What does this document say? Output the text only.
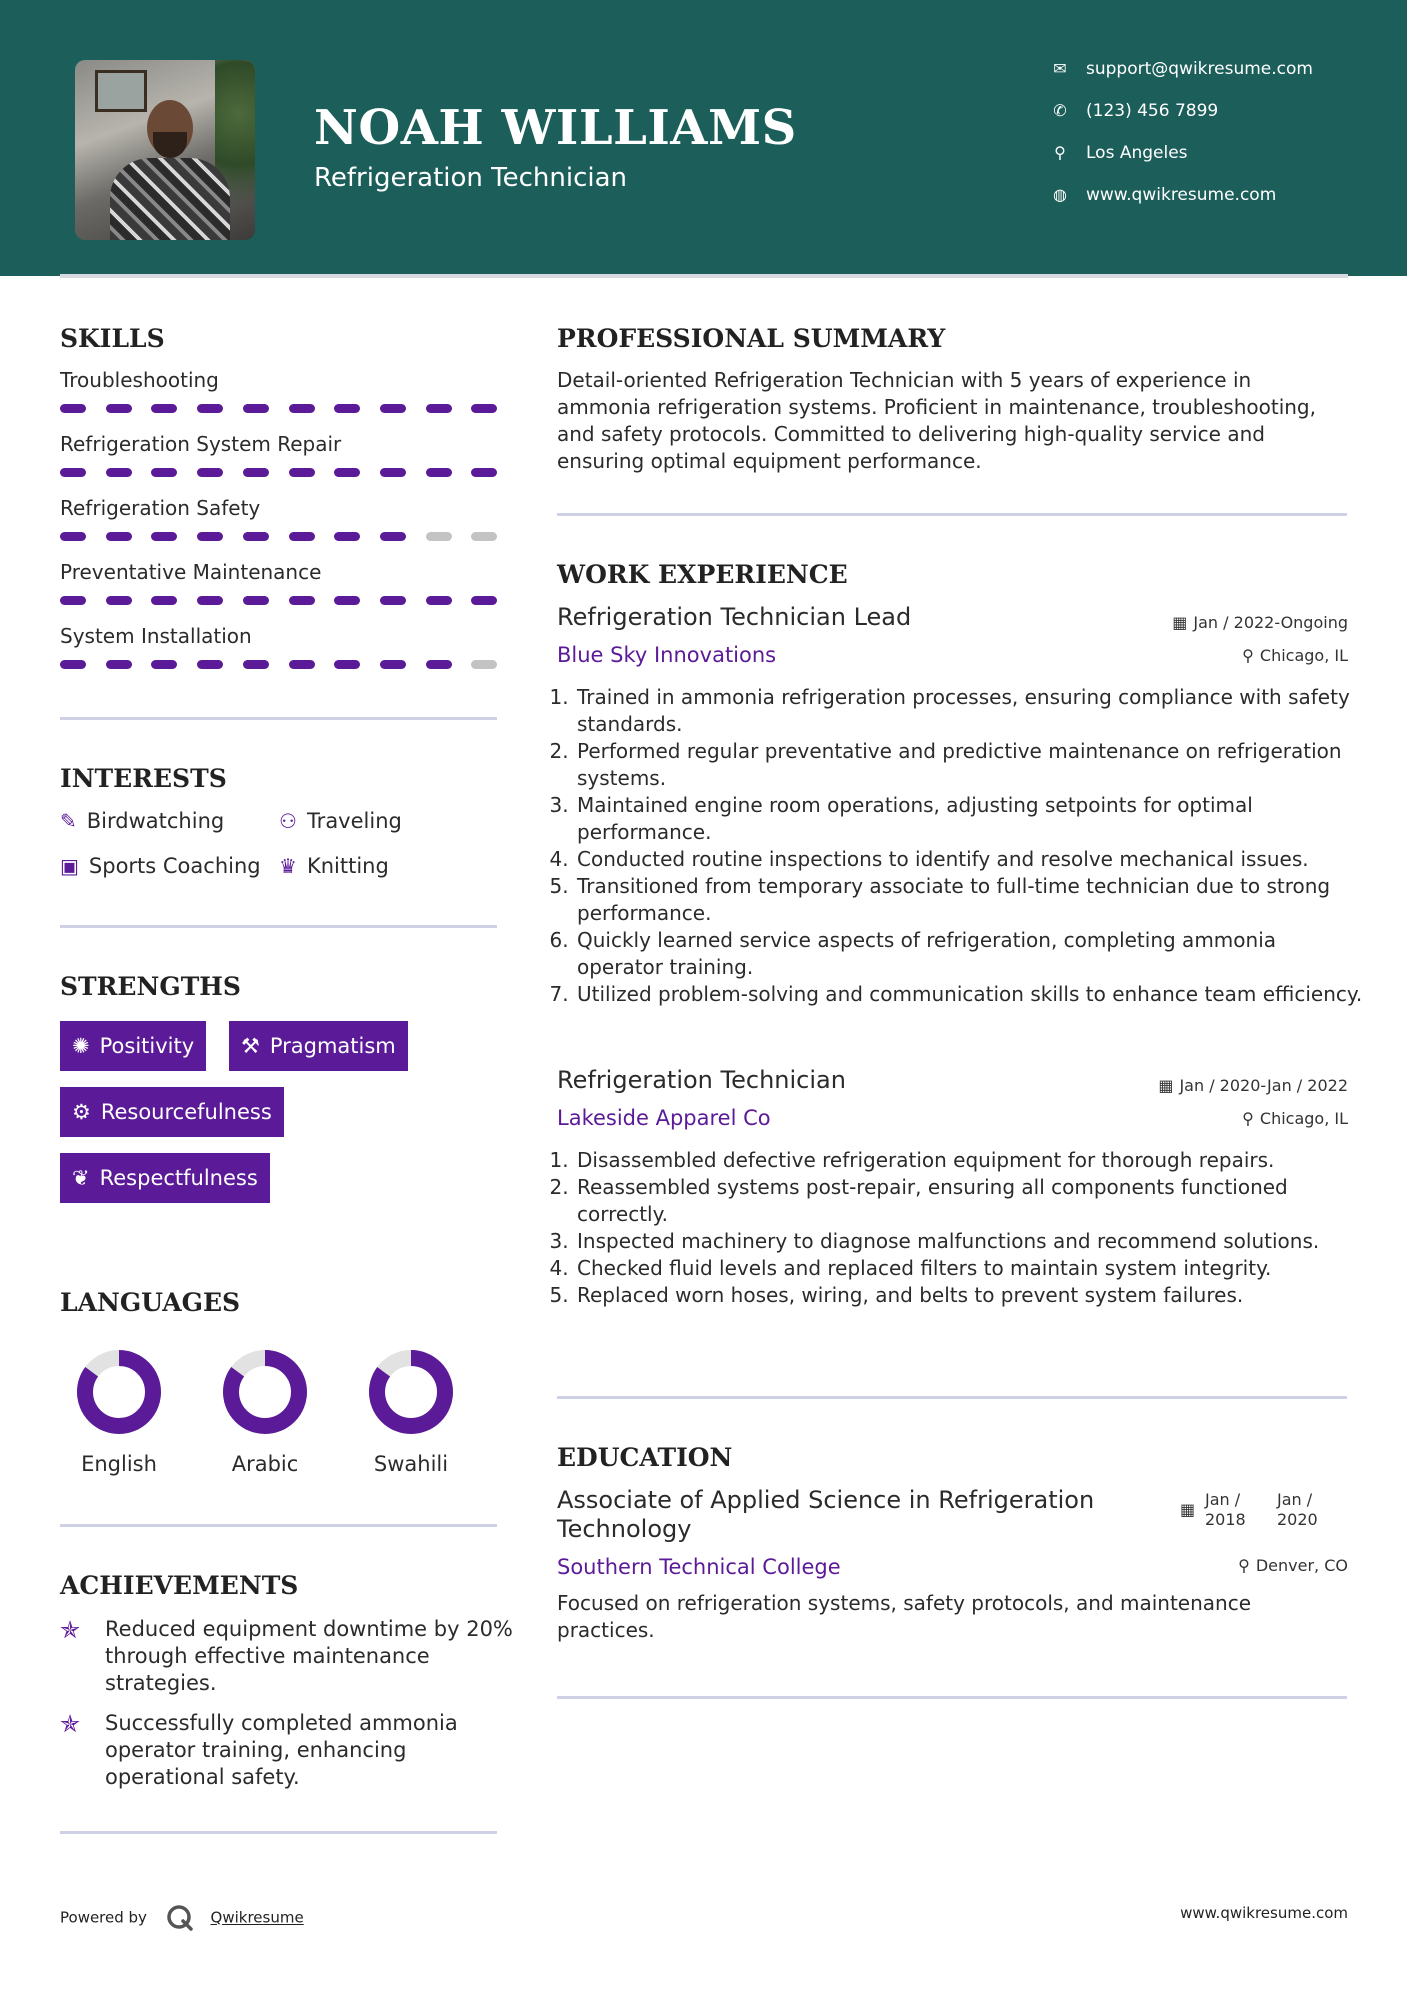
NOAH WILLIAMS
Refrigeration Technician
✉ support@qwikresume.com
✆ (123) 456 7899
⚲ Los Angeles
◍ www.qwikresume.com
SKILLS
Troubleshooting
Refrigeration System Repair
Refrigeration Safety
Preventative Maintenance
System Installation
INTERESTS
✎ Birdwatching	⚇ Traveling
▣ Sports Coaching ♛ Knitting
STRENGTHS
✺ Positivity	⚒ Pragmatism
⚙ Resourcefulness
❦ Respectfulness
LANGUAGES
English	Arabic	Swahili
ACHIEVEMENTS
✯ Reduced equipment downtime by 20% through effective maintenance strategies.
✯ Successfully completed ammonia operator training, enhancing operational safety.
PROFESSIONAL SUMMARY
Detail-oriented Refrigeration Technician with 5 years of experience in ammonia refrigeration systems. Proficient in maintenance, troubleshooting, and safety protocols. Committed to delivering high-quality service and ensuring optimal equipment performance.
WORK EXPERIENCE
Refrigeration Technician Lead	▦ Jan / 2022-Ongoing
Blue Sky Innovations	⚲ Chicago, IL
1. Trained in ammonia refrigeration processes, ensuring compliance with safety standards.
2. Performed regular preventative and predictive maintenance on refrigeration systems.
3. Maintained engine room operations, adjusting setpoints for optimal performance.
4. Conducted routine inspections to identify and resolve mechanical issues.
5. Transitioned from temporary associate to full-time technician due to strong performance.
6. Quickly learned service aspects of refrigeration, completing ammonia operator training.
7. Utilized problem-solving and communication skills to enhance team efficiency.
Refrigeration Technician	▦ Jan / 2020-Jan / 2022
Lakeside Apparel Co	⚲ Chicago, IL
1. Disassembled defective refrigeration equipment for thorough repairs.
2. Reassembled systems post-repair, ensuring all components functioned correctly.
3. Inspected machinery to diagnose malfunctions and recommend solutions.
4. Checked fluid levels and replaced filters to maintain system integrity.
5. Replaced worn hoses, wiring, and belts to prevent system failures.
EDUCATION
Associate of Applied Science in Refrigeration Technology
▦
Jan / 2018
Jan / 2020
Southern Technical College	⚲ Denver, CO
Focused on refrigeration systems, safety protocols, and maintenance practices.
Powered by	Qwikresume	www.qwikresume.com
